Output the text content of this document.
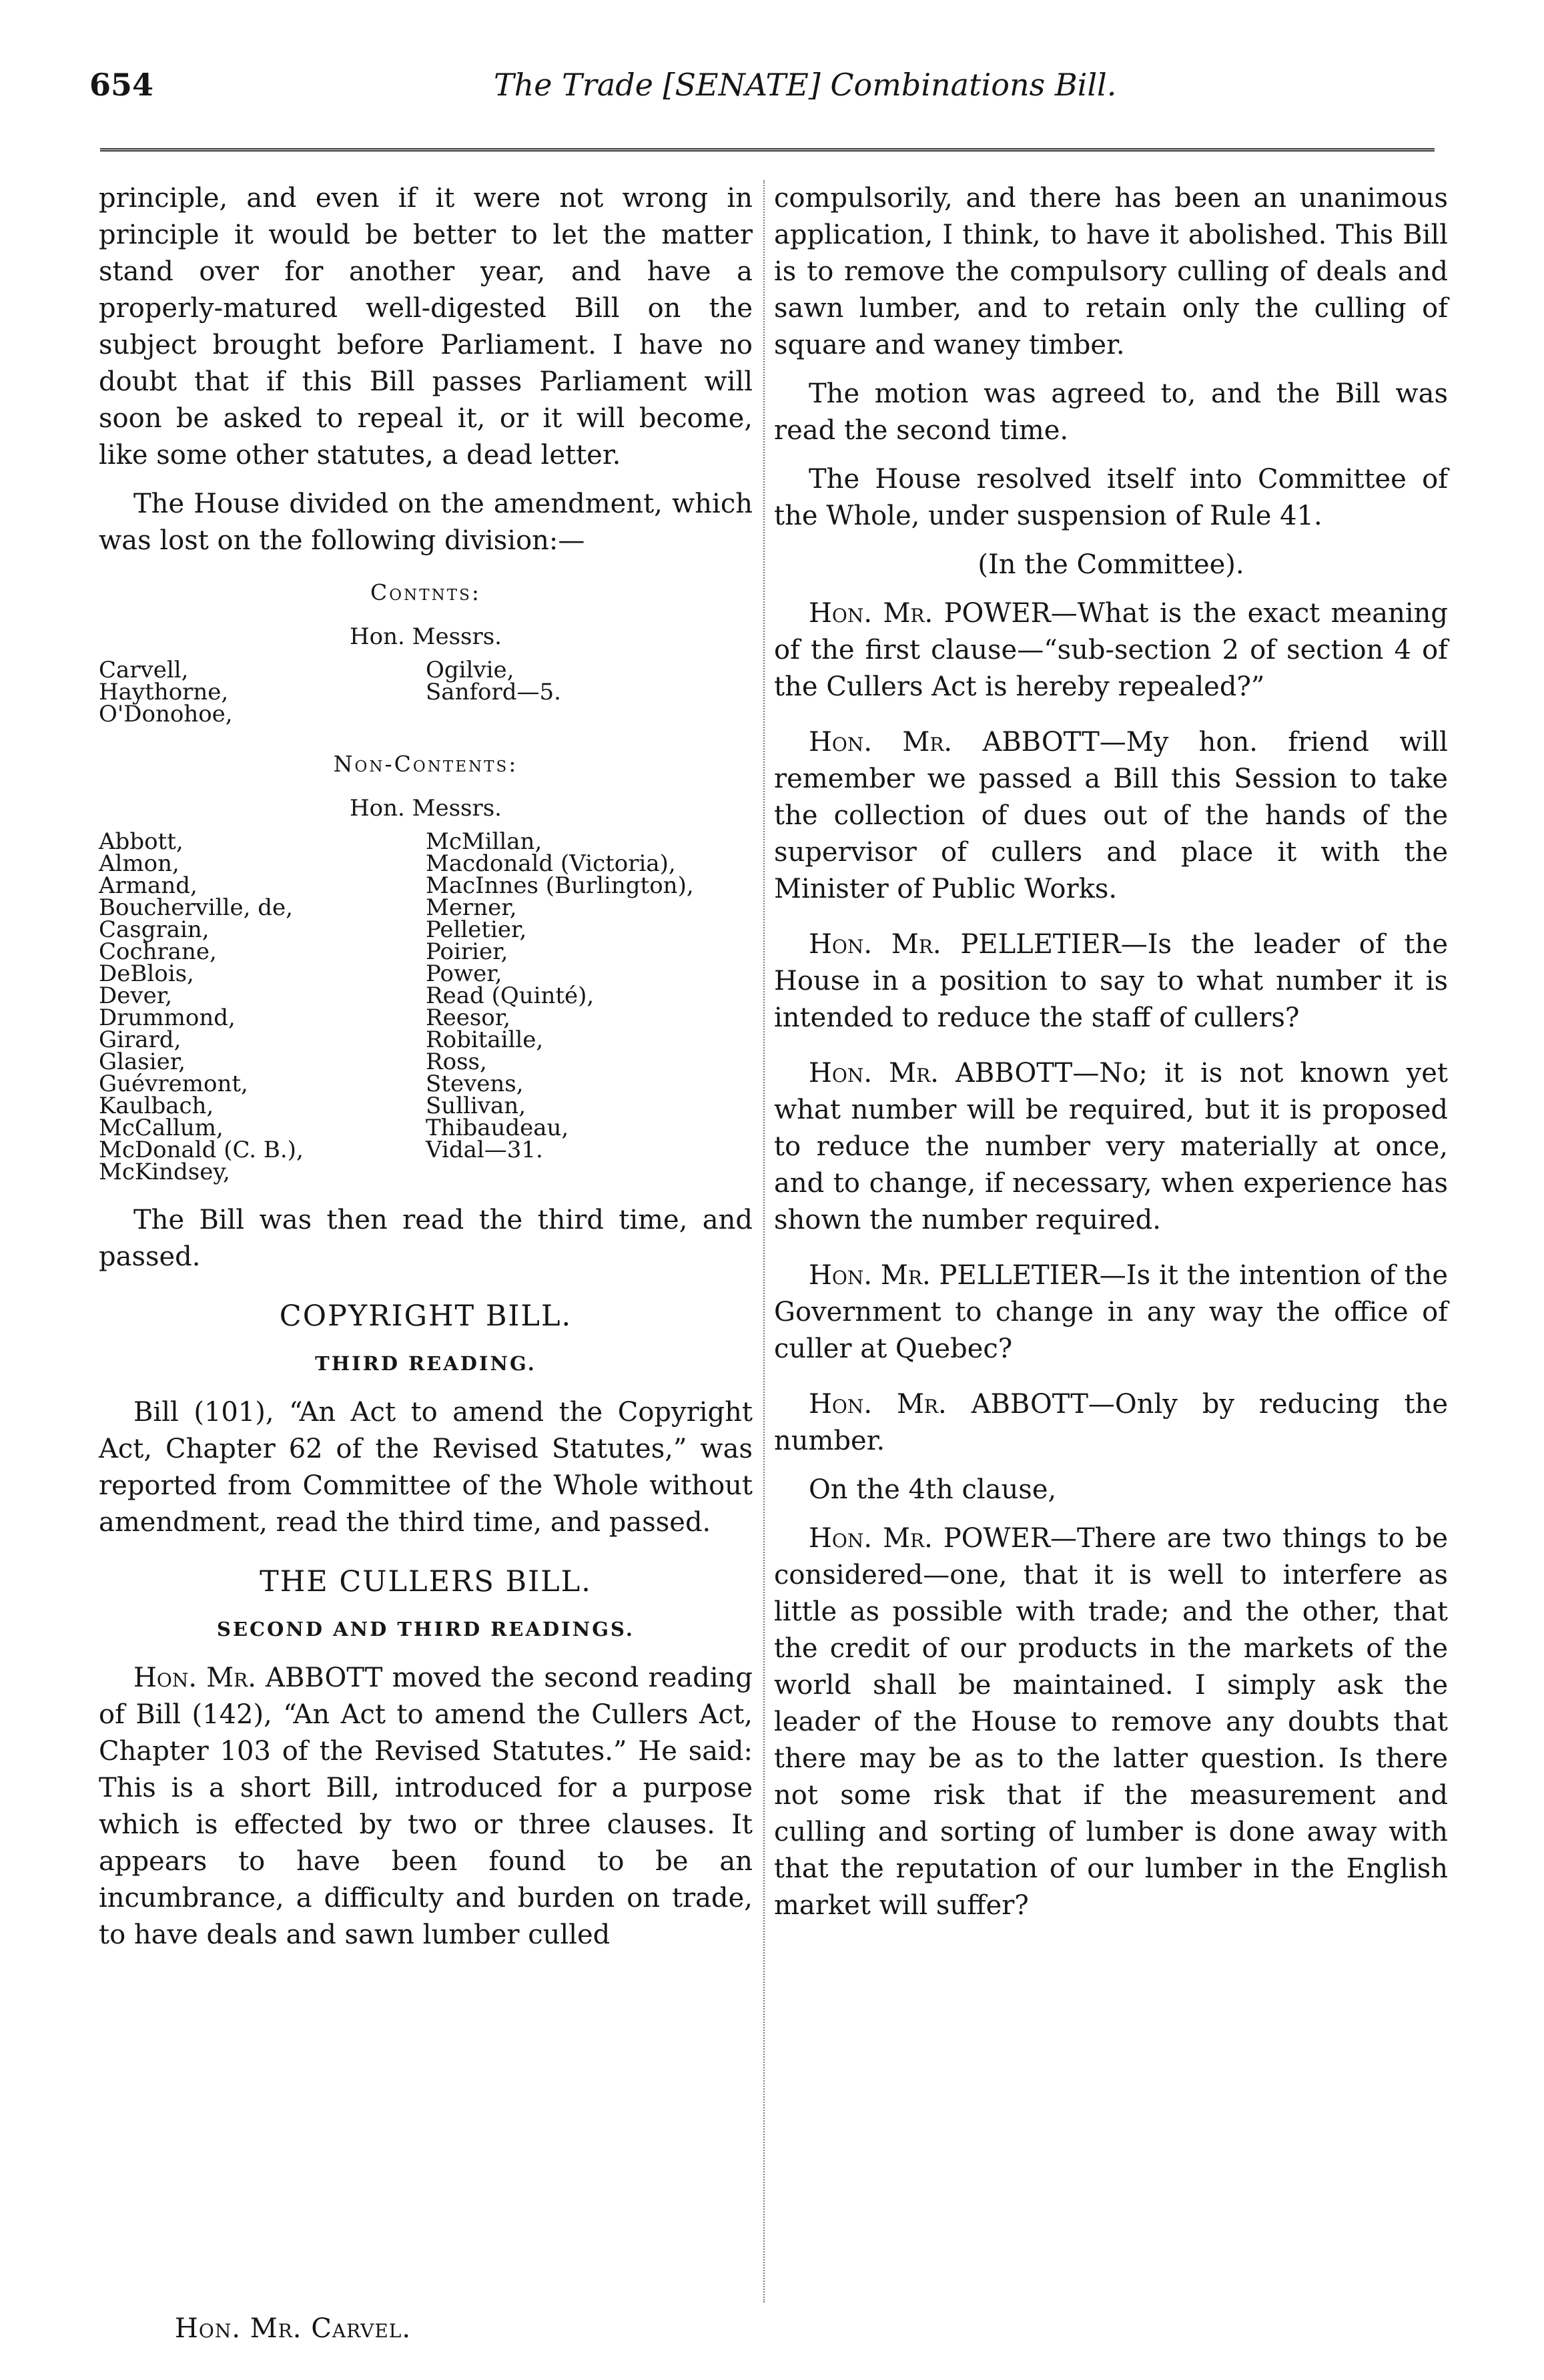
654	The Trade [SENATE] Combinations Bill.

principle, and even if it were not wrong in principle it would be better to let the matter stand over for another year, and have a properly-matured well-digested Bill on the subject brought before Parliament. I have no doubt that if this Bill passes Parliament will soon be asked to repeal it, or it will become, like some other statutes, a dead letter.

The House divided on the amendment, which was lost on the following division:—

Contnts:
Hon. Messrs.
Carvell,
Haythorne,
O'Donohoe,
Ogilvie,
Sanford—5.
Non-Contents:
Hon. Messrs.
Abbott,
Almon,
Armand,
Boucherville, de,
Casgrain,
Cochrane,
DeBlois,
Dever,
Drummond,
Girard,
Glasier,
Guévremont,
Kaulbach,
McCallum,
McDonald (C. B.),
McKindsey,
McMillan,
Macdonald (Victoria),
MacInnes (Burlington),
Merner,
Pelletier,
Poirier,
Power,
Read (Quinté),
Reesor,
Robitaille,
Ross,
Stevens,
Sullivan,
Thibaudeau,
Vidal—31.

The Bill was then read the third time, and passed.

COPYRIGHT BILL.
THIRD READING.

Bill (101), “An Act to amend the Copyright Act, Chapter 62 of the Revised Statutes,” was reported from Committee of the Whole without amendment, read the third time, and passed.

THE CULLERS BILL.
SECOND AND THIRD READINGS.

Hon. Mr. ABBOTT moved the second reading of Bill (142), “An Act to amend the Cullers Act, Chapter 103 of the Revised Statutes.” He said: This is a short Bill, introduced for a purpose which is effected by two or three clauses. It appears to have been found to be an incumbrance, a difficulty and burden on trade, to have deals and sawn lumber culled

compulsorily, and there has been an unanimous application, I think, to have it abolished. This Bill is to remove the compulsory culling of deals and sawn lumber, and to retain only the culling of square and waney timber.

The motion was agreed to, and the Bill was read the second time.

The House resolved itself into Committee of the Whole, under suspension of Rule 41.

(In the Committee).

Hon. Mr. POWER—What is the exact meaning of the first clause—“sub-section 2 of section 4 of the Cullers Act is hereby repealed?”

Hon. Mr. ABBOTT—My hon. friend will remember we passed a Bill this Session to take the collection of dues out of the hands of the supervisor of cullers and place it with the Minister of Public Works.

Hon. Mr. PELLETIER—Is the leader of the House in a position to say to what number it is intended to reduce the staff of cullers?

Hon. Mr. ABBOTT—No; it is not known yet what number will be required, but it is proposed to reduce the number very materially at once, and to change, if necessary, when experience has shown the number required.

Hon. Mr. PELLETIER—Is it the intention of the Government to change in any way the office of culler at Quebec?

Hon. Mr. ABBOTT—Only by reducing the number.

On the 4th clause,

Hon. Mr. POWER—There are two things to be considered—one, that it is well to interfere as little as possible with trade; and the other, that the credit of our products in the markets of the world shall be maintained. I simply ask the leader of the House to remove any doubts that there may be as to the latter question. Is there not some risk that if the measurement and culling and sorting of lumber is done away with that the reputation of our lumber in the English market will suffer?

Hon. Mr. Carvel.
